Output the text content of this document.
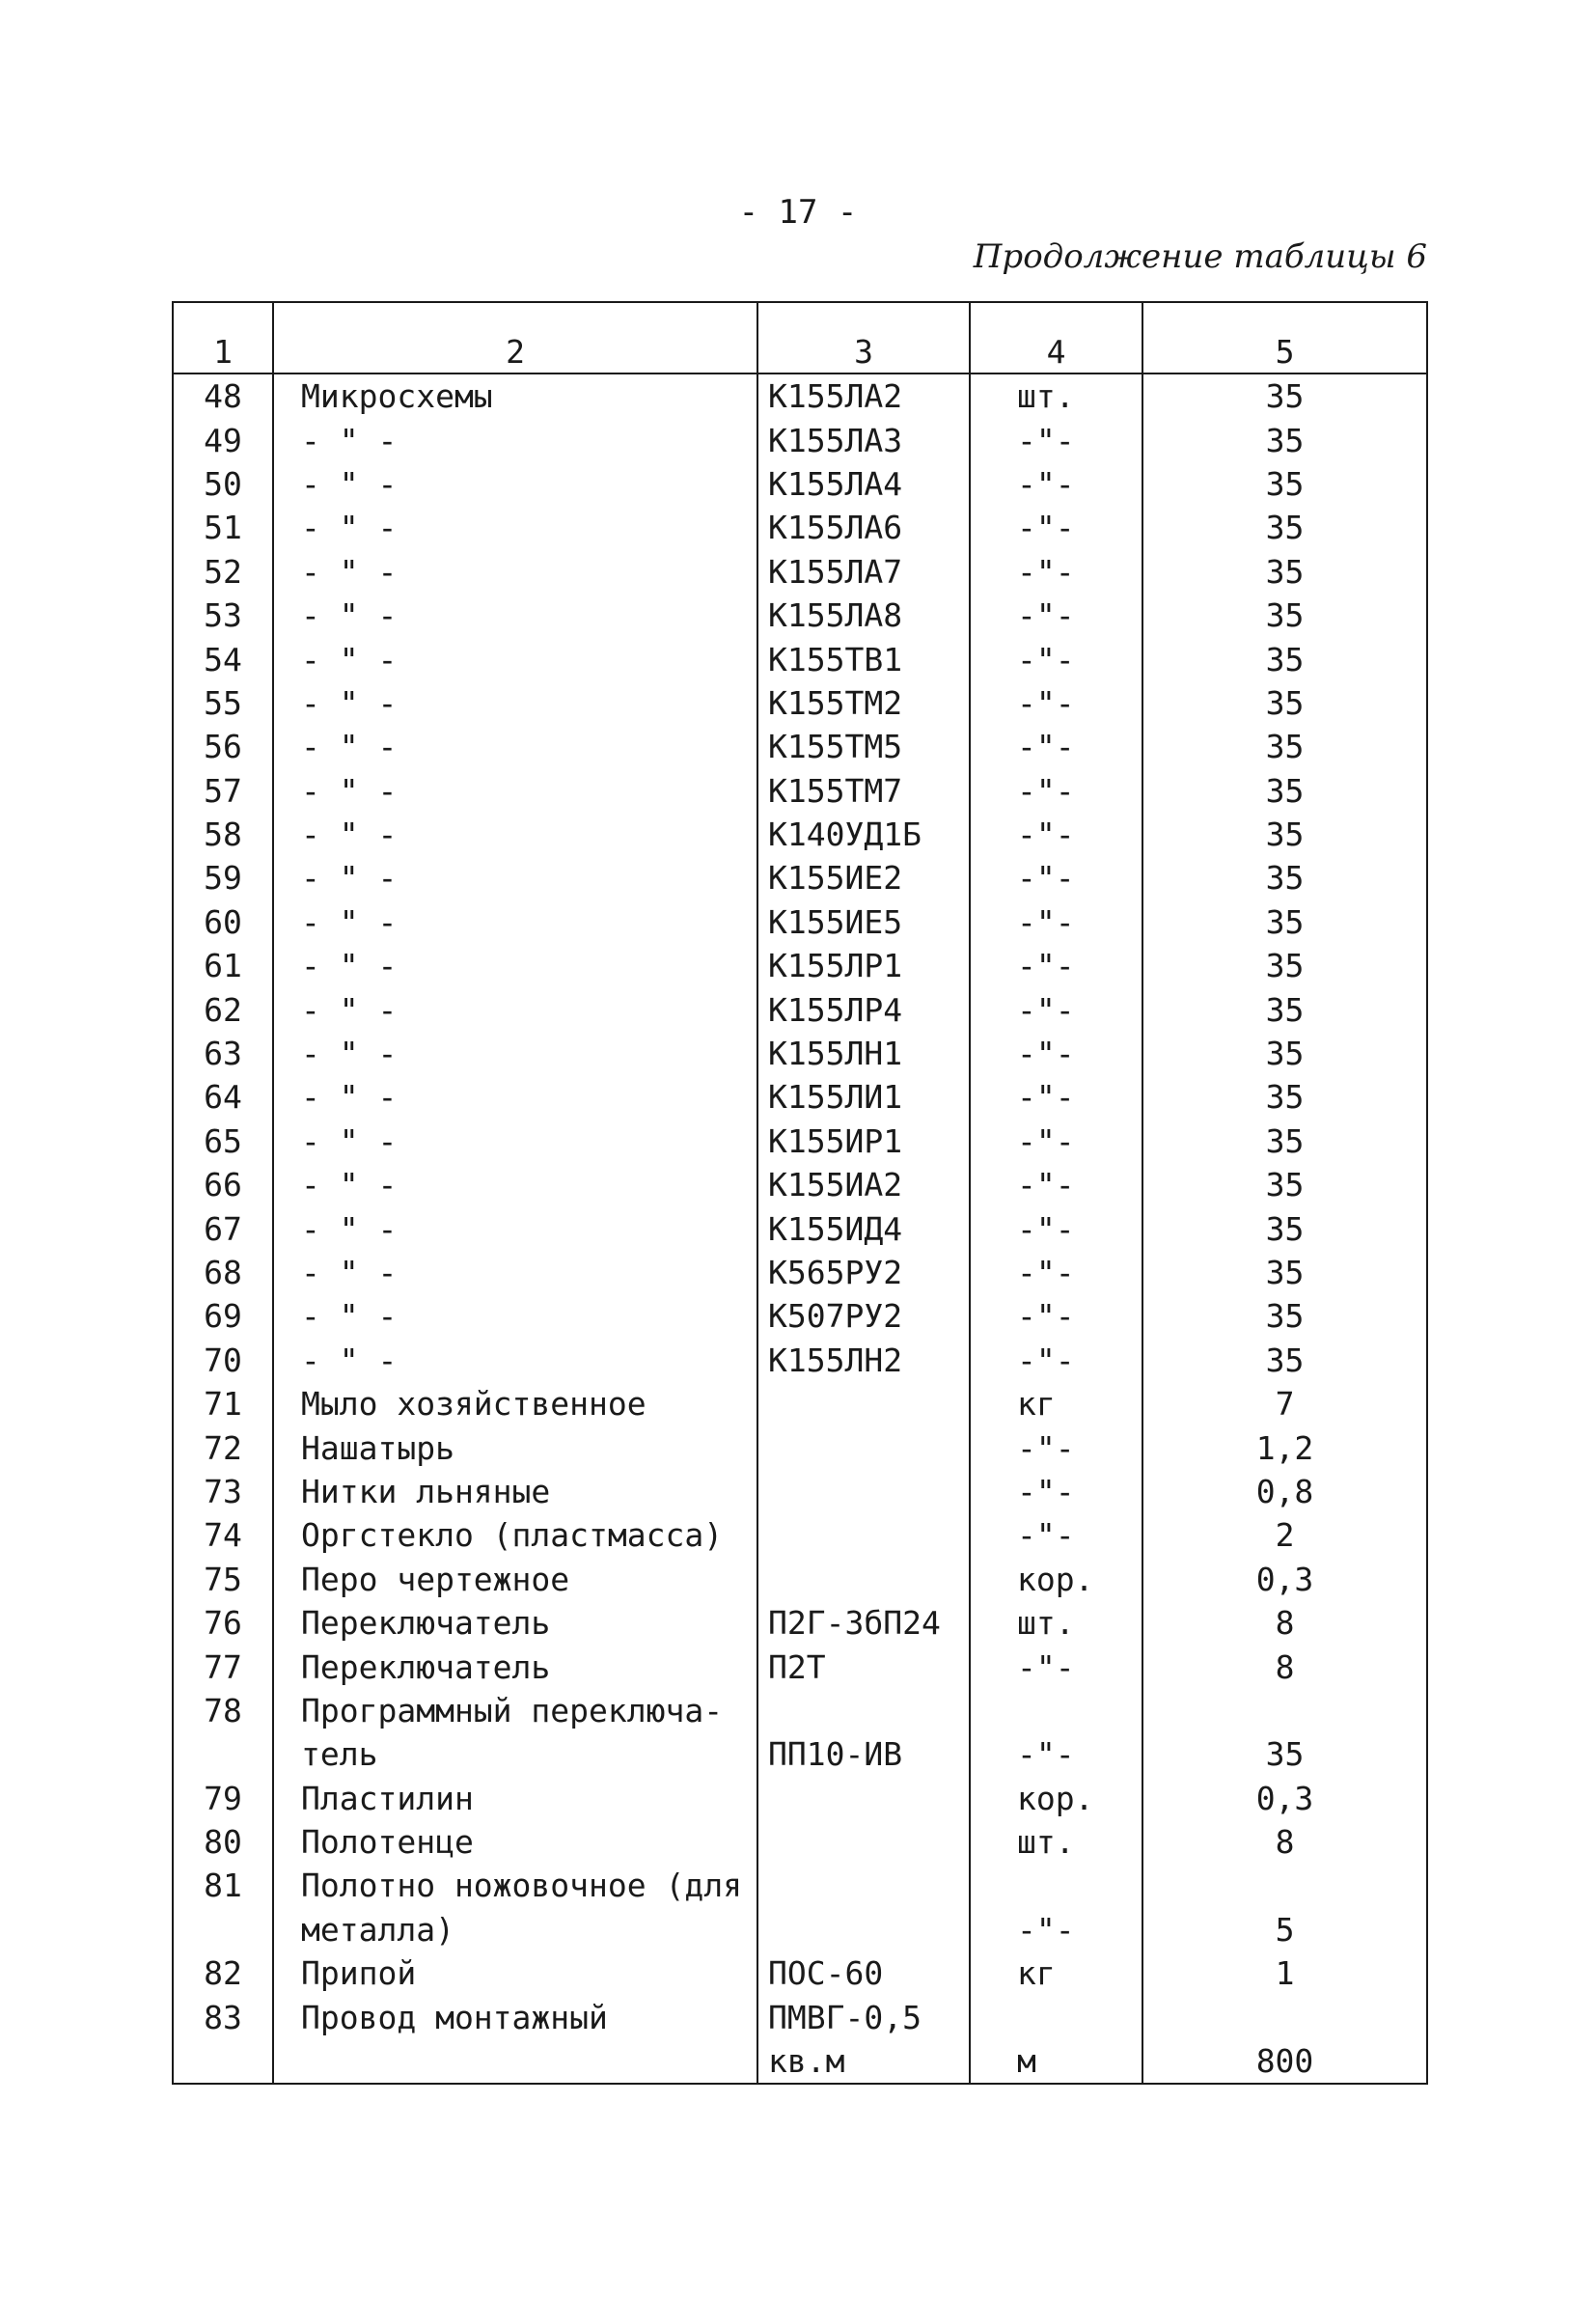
- 17 -
Продолжение таблицы 6
1	2	3	4	5
48	Микросхемы	К155ЛА2	шт.	35
49	- " -	К155ЛА3	-"-	35
50	- " -	К155ЛА4	-"-	35
51	- " -	К155ЛА6	-"-	35
52	- " -	К155ЛА7	-"-	35
53	- " -	К155ЛА8	-"-	35
54	- " -	К155ТВ1	-"-	35
55	- " -	К155ТМ2	-"-	35
56	- " -	К155ТМ5	-"-	35
57	- " -	К155ТМ7	-"-	35
58	- " -	К140УД1Б	-"-	35
59	- " -	К155ИЕ2	-"-	35
60	- " -	К155ИЕ5	-"-	35
61	- " -	К155ЛР1	-"-	35
62	- " -	К155ЛР4	-"-	35
63	- " -	К155ЛН1	-"-	35
64	- " -	К155ЛИ1	-"-	35
65	- " -	К155ИР1	-"-	35
66	- " -	К155ИА2	-"-	35
67	- " -	К155ИД4	-"-	35
68	- " -	К565РУ2	-"-	35
69	- " -	К507РУ2	-"-	35
70	- " -	К155ЛН2	-"-	35
71	Мыло хозяйственное		кг	7
72	Нашатырь		-"-	1,2
73	Нитки льняные		-"-	0,8
74	Оргстекло (пластмасса)		-"-	2
75	Перо чертежное		кор.	0,3
76	Переключатель	П2Г-3бП24	шт.	8
77	Переключатель	П2Т	-"-	8
78	Программный переключа-			
	тель	ПП10-ИВ	-"-	35
79	Пластилин		кор.	0,3
80	Полотенце		шт.	8
81	Полотно ножовочное (для			
	металла)		-"-	5
82	Припой	ПОС-60	кг	1
83	Провод монтажный	ПМВГ-0,5		
		кв.м	м	800
